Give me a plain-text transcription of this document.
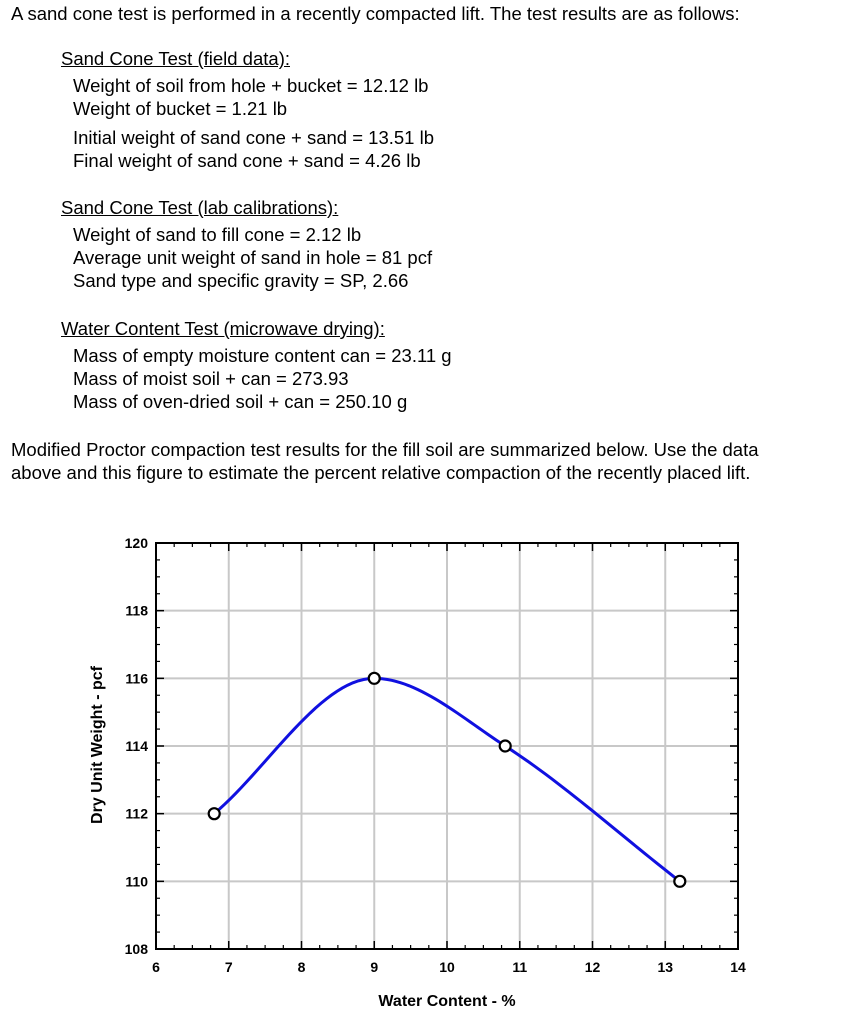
A sand cone test is performed in a recently compacted lift. The test results are as follows:

Sand Cone Test (field data):

Weight of soil from hole + bucket = 12.12 lb

Weight of bucket = 1.21 lb

Initial weight of sand cone + sand = 13.51 lb

Final weight of sand cone + sand = 4.26 lb

Sand Cone Test (lab calibrations):

Weight of sand to fill cone = 2.12 lb

Average unit weight of sand in hole = 81 pcf

Sand type and specific gravity = SP, 2.66

Water Content Test (microwave drying):

Mass of empty moisture content can = 23.11 g

Mass of moist soil + can = 273.93

Mass of oven-dried soil + can = 250.10 g

Modified Proctor compaction test results for the fill soil are summarized below. Use the data

above and this figure to estimate the percent relative compaction of the recently placed lift.

6	7	8	9	10	11	12	13	14
108
110
112
114
116
118
120
Water Content - %
Dry Unit Weight - pcf
